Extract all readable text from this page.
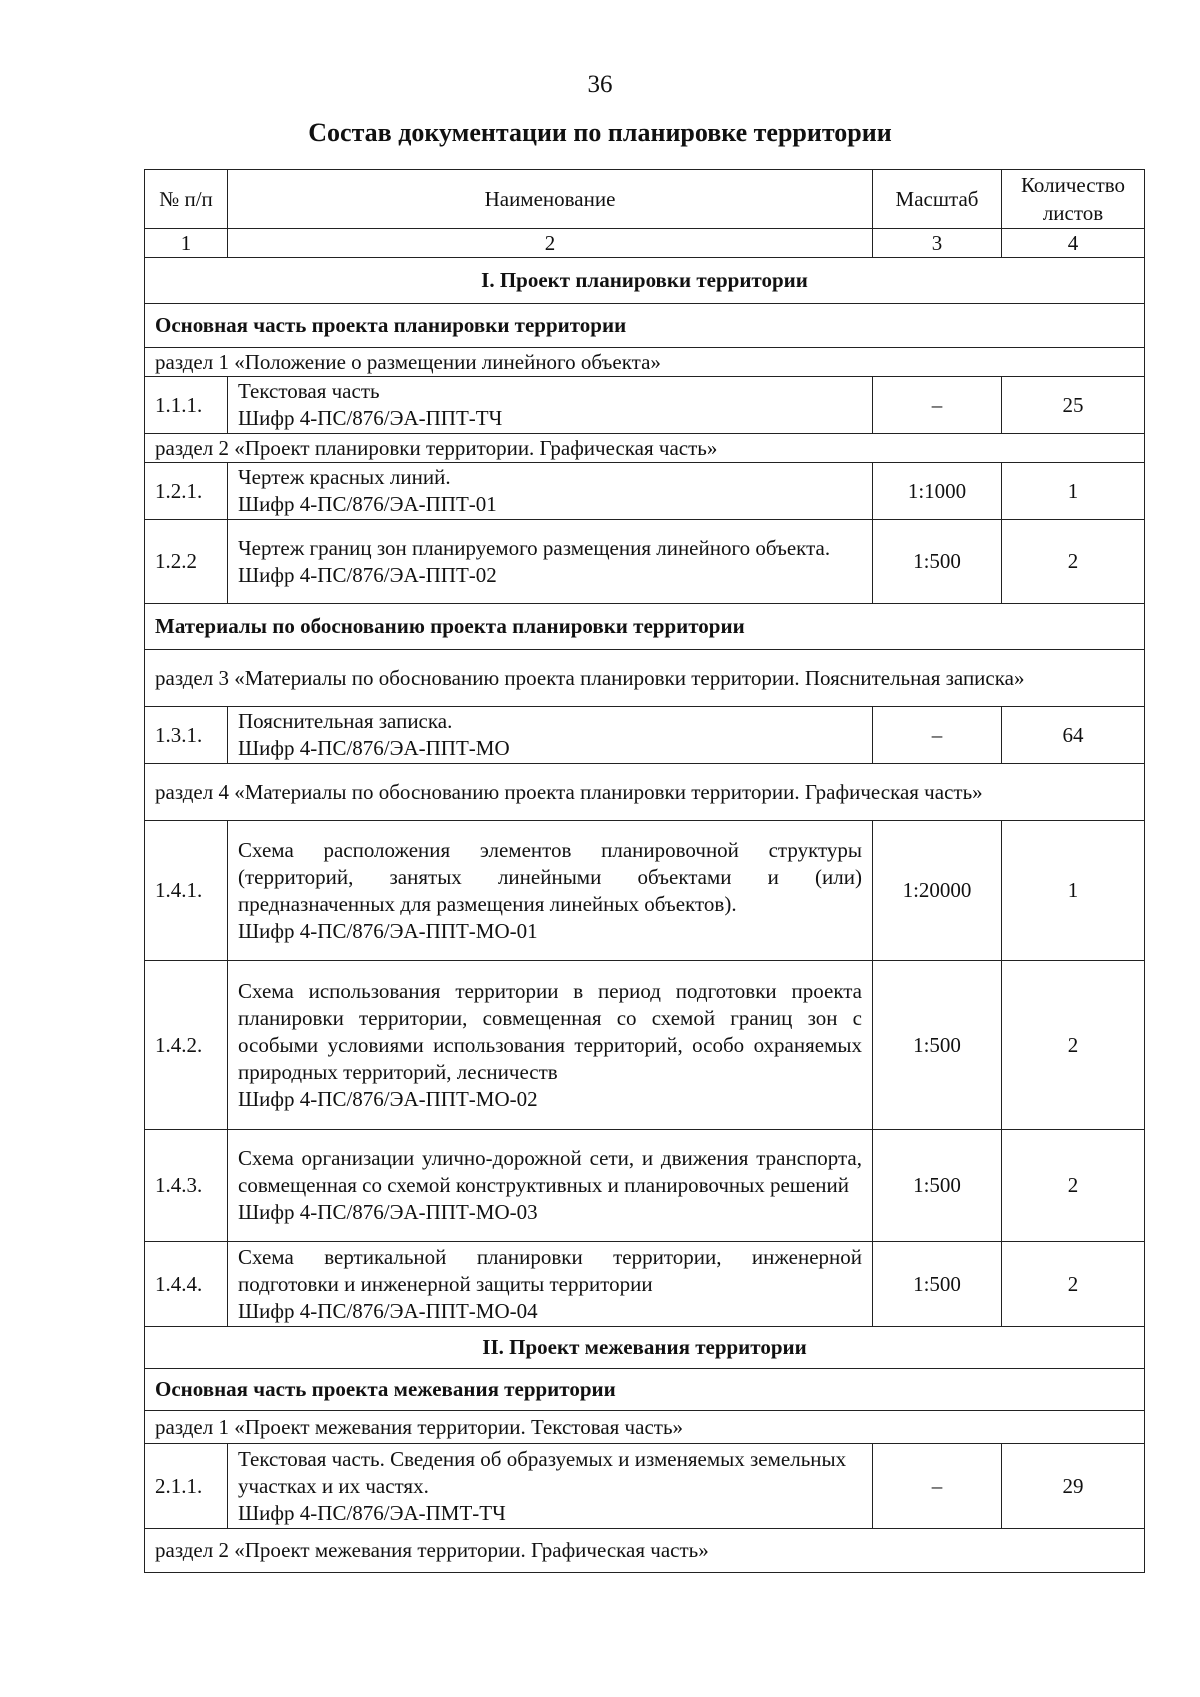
36
Состав документации по планировке территории
№ п/п	Наименование	Масштаб	Количество
листов

1	2	3	4
I. Проект планировки территории			
Основная часть проекта планировки территории			
раздел 1 «Положение о размещении линейного объекта»			
1.1.1.	Текстовая часть
Шифр 4-ПС/876/ЭА-ППТ-ТЧ	–	25
раздел 2 «Проект планировки территории. Графическая часть»			
1.2.1.	Чертеж красных линий.
Шифр 4-ПС/876/ЭА-ППТ-01	1:1000	1
1.2.2	Чертеж границ зон планируемого размещения линейного объекта.
Шифр 4-ПС/876/ЭА-ППТ-02	1:500	2
Материалы по обоснованию проекта планировки территории			
раздел 3 «Материалы по обоснованию проекта планировки территории. Пояснительная записка»			
1.3.1.	Пояснительная записка.
Шифр 4-ПС/876/ЭА-ППТ-МО	–	64
раздел 4 «Материалы по обоснованию проекта планировки территории. Графическая часть»			
1.4.1.	Схема расположения элементов планировочной структуры (территорий, занятых линейными объектами и (или) предназначенных для размещения линейных объектов).
Шифр 4-ПС/876/ЭА-ППТ-МО-01	1:20000	1
1.4.2.	Схема использования территории в период подготовки проекта планировки территории, совмещенная со схемой границ зон с особыми условиями использования территорий, особо охраняемых природных территорий, лесничеств
Шифр 4-ПС/876/ЭА-ППТ-МО-02	1:500	2
1.4.3.	Схема организации улично-дорожной сети, и движения транспорта, совмещенная со схемой конструктивных и планировочных решений
Шифр 4-ПС/876/ЭА-ППТ-МО-03	1:500	2
1.4.4.	Схема вертикальной планировки территории, инженерной подготовки и инженерной защиты территории
Шифр 4-ПС/876/ЭА-ППТ-МО-04	1:500	2
II. Проект межевания территории			
Основная часть проекта межевания территории			
раздел 1 «Проект межевания территории. Текстовая часть»			
2.1.1.	Текстовая часть. Сведения об образуемых и изменяемых земельных участках и их частях.
Шифр 4-ПС/876/ЭА-ПМТ-ТЧ	–	29
раздел 2 «Проект межевания территории. Графическая часть»			
